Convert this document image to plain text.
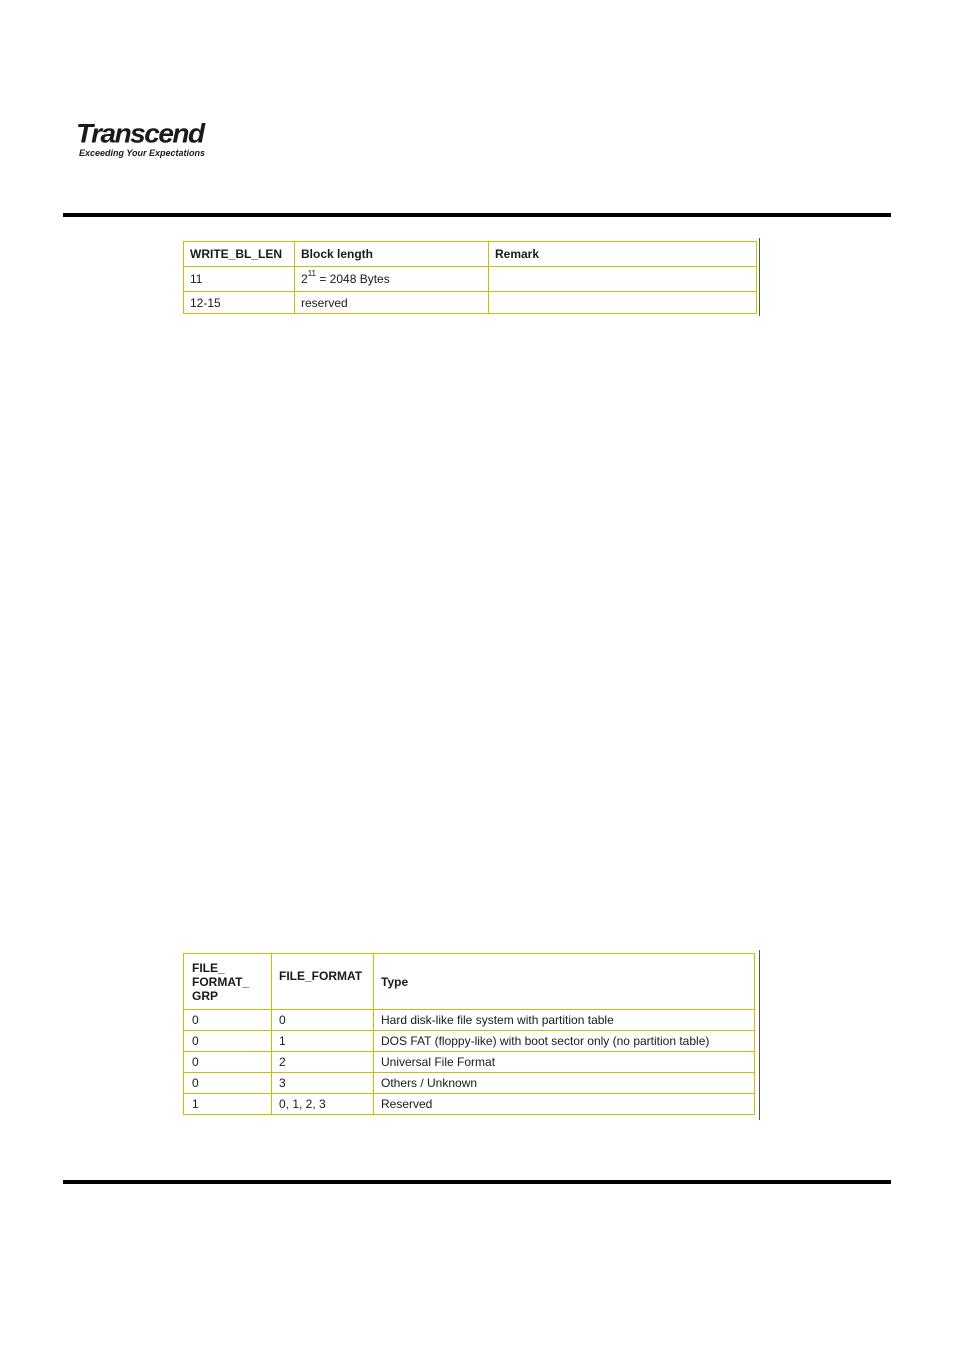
Transcend
Exceeding Your Expectations
WRITE_BL_LEN	Block length	Remark
11	$2^{11} = 2048$ Bytes	
12-15	reserved	
FILE_
FORMAT_
GRP	FILE_FORMAT	Type
0	0	Hard disk-like file system with partition table
0	1	DOS FAT (floppy-like) with boot sector only (no partition table)
0	2	Universal File Format
0	3	Others / Unknown
1	0, 1, 2, 3	Reserved
